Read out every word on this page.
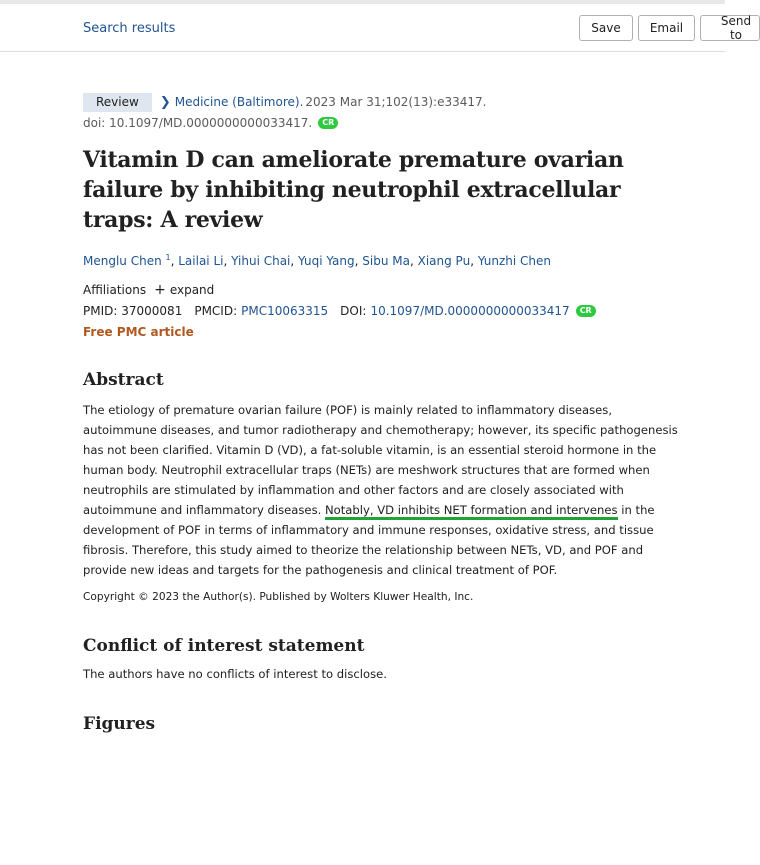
Search results	Save	Email	Send to
Review	❯ Medicine (Baltimore). 2023 Mar 31;102(13):e33417.
doi: 10.1097/MD.0000000000033417.	CR
Vitamin D can ameliorate premature ovarian failure by inhibiting neutrophil extracellular traps: A review
Menglu Chen $^1$, Lailai Li, Yihui Chai, Yuqi Yang, Sibu Ma, Xiang Pu, Yunzhi Chen
Affiliations + expand
PMID:
37000081 PMCID: PMC10063315 DOI: 10.1097/MD.0000000000033417	CR
Free PMC article
Abstract

The etiology of premature ovarian failure (POF) is mainly related to inflammatory diseases, autoimmune diseases, and tumor radiotherapy and chemotherapy; however, its specific pathogenesis has not been clarified. Vitamin D (VD), a fat-soluble vitamin, is an essential steroid hormone in the human body. Neutrophil extracellular traps (NETs) are meshwork structures that are formed when neutrophils are stimulated by inflammation and other factors and are closely associated with autoimmune and inflammatory diseases. Notably, VD inhibits NET formation and intervenes in the development of POF in terms of inflammatory and immune responses, oxidative stress, and tissue fibrosis. Therefore, this study aimed to theorize the relationship between NETs, VD, and POF and provide new ideas and targets for the pathogenesis and clinical treatment of POF.

Copyright © 2023 the Author(s). Published by Wolters Kluwer Health, Inc.

Conflict of interest statement

The authors have no conflicts of interest to disclose.

Figures
